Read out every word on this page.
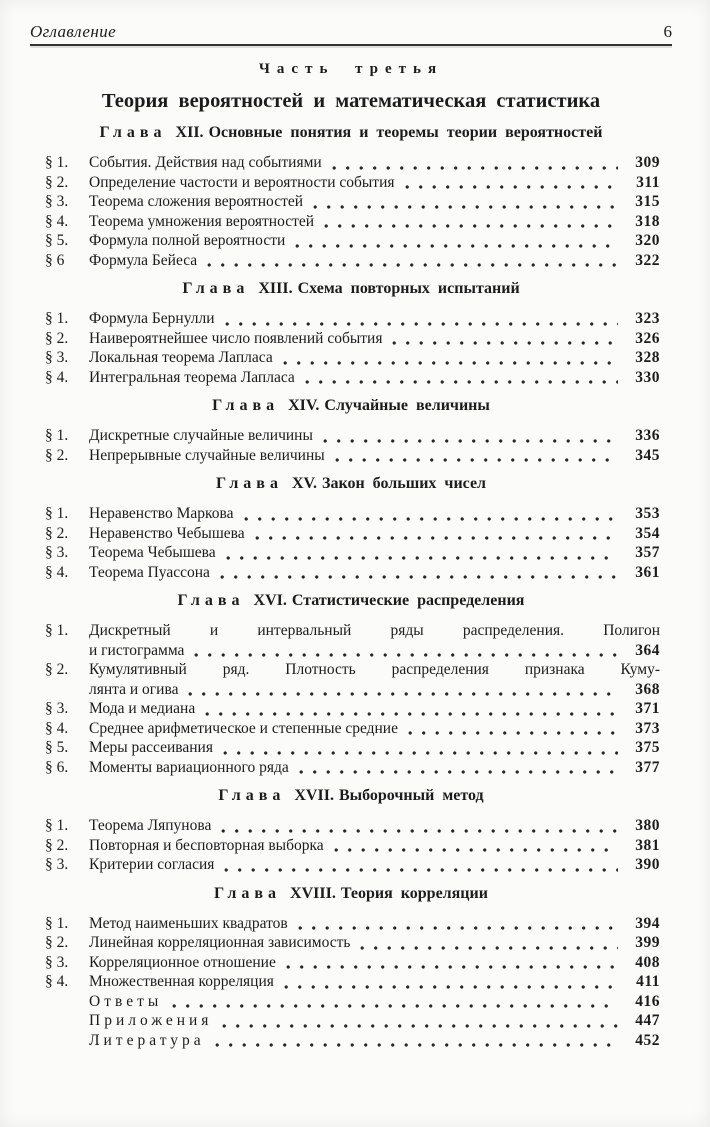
Оглавление	6
Часть третья
Теория вероятностей и математическая статистика
Глава XII. Основные понятия и теоремы теории вероятностей
§ 1.	События. Действия над событиями	309
§ 2.	Определение частости и вероятности события	311
§ 3.	Теорема сложения вероятностей	315
§ 4.	Теорема умножения вероятностей	318
§ 5.	Формула полной вероятности	320
§ 6	Формула Бейеса	322
Глава XIII. Схема повторных испытаний
§ 1.	Формула Бернулли	323
§ 2.	Наивероятнейшее число появлений события	326
§ 3.	Локальная теорема Лапласа	328
§ 4.	Интегральная теорема Лапласа	330
Глава XIV. Случайные величины
§ 1.	Дискретные случайные величины	336
§ 2.	Непрерывные случайные величины	345
Глава XV. Закон больших чисел
§ 1.	Неравенство Маркова	353
§ 2.	Неравенство Чебышева	354
§ 3.	Теорема Чебышева	357
§ 4.	Теорема Пуассона	361
Глава XVI. Статистические распределения
§ 1.	Дискретный и интервальный ряды распределения. Полигон
и гистограмма	364
§ 2.	Кумулятивный ряд. Плотность распределения признака Куму-
лянта и огива	368
§ 3.	Мода и медиана	371
§ 4.	Среднее арифметическое и степенные средние	373
§ 5.	Меры рассеивания	375
§ 6.	Моменты вариационного ряда	377
Глава XVII. Выборочный метод
§ 1.	Теорема Ляпунова	380
§ 2.	Повторная и бесповторная выборка	381
§ 3.	Критерии согласия	390
Глава XVIII. Теория корреляции
§ 1.	Метод наименьших квадратов	394
§ 2.	Линейная корреляционная зависимость	399
§ 3.	Корреляционное отношение	408
§ 4.	Множественная корреляция	411
Ответы	416
Приложения	447
Литература	452
